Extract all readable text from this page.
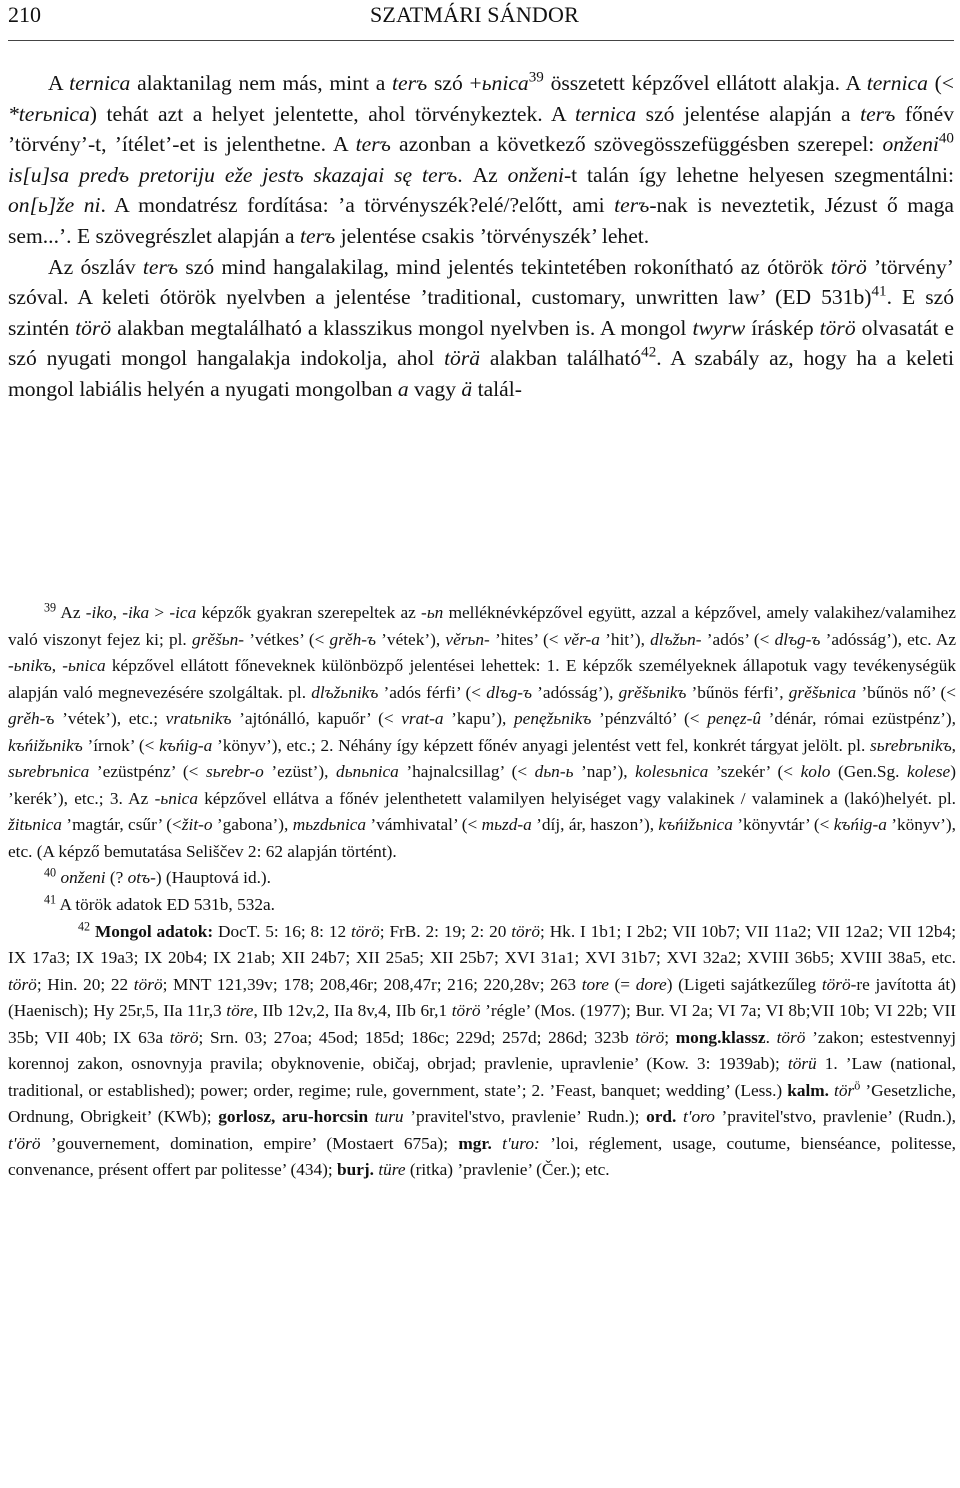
210	SZATMÁRI SÁNDOR

A ternica alaktanilag nem más, mint a terъ szó +ьnica$^{39}$ összetett képzővel ellátott alakja. A ternica (< *terьnica) tehát azt a helyet jelentette, ahol törvénykeztek. A ternica szó jelentése alapján a terъ főnév ’törvény’-t, ’ítélet’-et is jelenthetne. A terъ azonban a következő szövegösszefüggésben szerepel: onženi$^{40}$ is[u]sa predъ pretoriju eže jestъ skazajai sę terъ. Az onženi-t talán így lehetne helyesen szegmentálni: on[ь]že ni. A mondatrész fordítása: ’a törvényszék?elé/?előtt, ami terъ-nak is neveztetik, Jézust ő maga sem...’. E szövegrészlet alapján a terъ jelentése csakis ’törvényszék’ lehet.

Az ószláv terъ szó mind hangalakilag, mind jelentés tekintetében rokonítható az ótörök törö ’törvény’ szóval. A keleti ótörök nyelvben a jelentése ’traditional, customary, unwritten law’ (ED 531b)$^{41}$. E szó szintén törö alakban megtalálható a klasszikus mongol nyelvben is. A mongol twyrw íráskép törö olvasatát e szó nyugati mongol hangalakja indokolja, ahol törä alakban található$^{42}$. A szabály az, hogy ha a keleti mongol labiális helyén a nyugati mongolban a vagy ä talál-

$^{39}$ Az -iko, -ika > -ica képzők gyakran szerepeltek az -ьn melléknévképzővel együtt, azzal a képzővel, amely valakihez/valamihez való viszonyt fejez ki; pl. grěšьn- ’vétkes’ (< grěh-ъ ’vétek’), věrьn- ’hites’ (< věr-a ’hit’), dlъžьn- ’adós’ (< dlъg-ъ ’adósság’), etc. Az -ьnikъ, -ьnica képzővel ellátott főneveknek különbözpő jelentései lehettek: 1. E képzők személyeknek állapotuk vagy tevékenységük alapján való megnevezésére szolgáltak. pl. dlъžьnikъ ’adós férfi’ (< dlъg-ъ ’adósság’), grěšьnikъ ’bűnös férfi’, grěšьnica ’bűnös nő’ (< grěh-ъ ’vétek’), etc.; vratьnikъ ’ajtónálló, kapuőr’ (< vrat-a ’kapu’), penęžьnikъ ’pénzváltó’ (< penęz-û ’dénár, római ezüstpénz’), kъńižьnikъ ’írnok’ (< kъńig-a ’könyv’), etc.; 2. Néhány így képzett főnév anyagi jelentést vett fel, konkrét tárgyat jelölt. pl. sьrebrьnikъ, sьrebrьnica ’ezüstpénz’ (< sьrebr-o ’ezüst’), dьnьnica ’hajnalcsillag’ (< dьn-ь ’nap’), kolesьnica ’szekér’ (< kolo (Gen.Sg. kolese) ’kerék’), etc.; 3. Az -ьnica képzővel ellátva a főnév jelenthetett valamilyen helyiséget vagy valakinek / valaminek a (lakó)helyét. pl. žitьnica ’magtár, csűr’ (<žit-o ’gabona’), mьzdьnica ’vámhivatal’ (< mьzd-a ’díj, ár, haszon’), kъńižьnica ’könyvtár’ (< kъńig-a ’könyv’), etc. (A képző bemutatása Seliščev 2: 62 alapján történt).

$^{40}$ onženi (? otъ-) (Hauptová id.).

$^{41}$ A török adatok ED 531b, 532a.

$^{42}$ Mongol adatok: DocT. 5: 16; 8: 12 törö; FrB. 2: 19; 2: 20 törö; Hk. I 1b1; I 2b2; VII 10b7; VII 11a2; VII 12a2; VII 12b4; IX 17a3; IX 19a3; IX 20b4; IX 21ab; XII 24b7; XII 25a5; XII 25b7; XVI 31a1; XVI 31b7; XVI 32a2; XVIII 36b5; XVIII 38a5, etc. törö; Hin. 20; 22 törö; MNT 121,39v; 178; 208,46r; 208,47r; 216; 220,28v; 263 tore (= dore) (Ligeti sajátkezűleg törö-re javította át) (Haenisch); Hy 25r,5, IIa 11r,3 töre, IIb 12v,2, IIa 8v,4, IIb 6r,1 törö ’régle’ (Mos. (1977); Bur. VI 2a; VI 7a; VI 8b;VII 10b; VI 22b; VII 35b; VII 40b; IX 63a törö; Srn. 03; 27oa; 45od; 185d; 186c; 229d; 257d; 286d; 323b törö; mong.klassz. törö ’zakon; estestvennyj korennoj zakon, osnovnyja pravila; obyknovenie, običaj, obrjad; pravlenie, upravlenie’ (Kow. 3: 1939ab); törü 1. ’Law (national, traditional, or established); power; order, regime; rule, government, state’; 2. ’Feast, banquet; wedding’ (Less.) kalm. tör$^ö$ ’Gesetzliche, Ordnung, Obrigkeit’ (KWb); gorlosz, aru-horcsin turu ’pravitel'stvo, pravlenie’ Rudn.); ord. t'oro ’pravitel'stvo, pravlenie’ (Rudn.), t'örö ’gouvernement, domination, empire’ (Mostaert 675a); mgr. t'uro: ’loi, réglement, usage, coutume, bienséance, politesse, convenance, présent offert par politesse’ (434); burj. türe (ritka) ’pravlenie’ (Čer.); etc.
